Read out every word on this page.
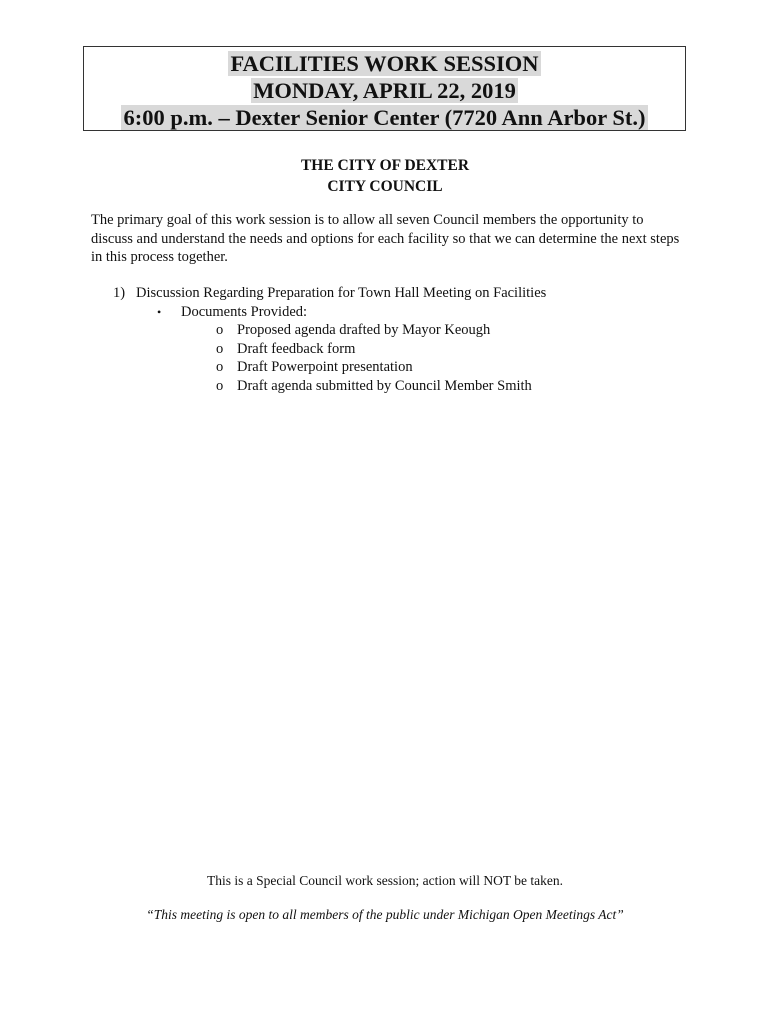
FACILITIES WORK SESSION
MONDAY, APRIL 22, 2019
6:00 p.m. – Dexter Senior Center (7720 Ann Arbor St.)
THE CITY OF DEXTER
CITY COUNCIL

The primary goal of this work session is to allow all seven Council members the opportunity to discuss and understand the needs and options for each facility so that we can determine the next steps in this process together.

1) Discussion Regarding Preparation for Town Hall Meeting on Facilities
• Documents Provided:
o Proposed agenda drafted by Mayor Keough
o Draft feedback form
o Draft Powerpoint presentation
o Draft agenda submitted by Council Member Smith
This is a Special Council work session; action will NOT be taken.
“This meeting is open to all members of the public under Michigan Open Meetings Act”
